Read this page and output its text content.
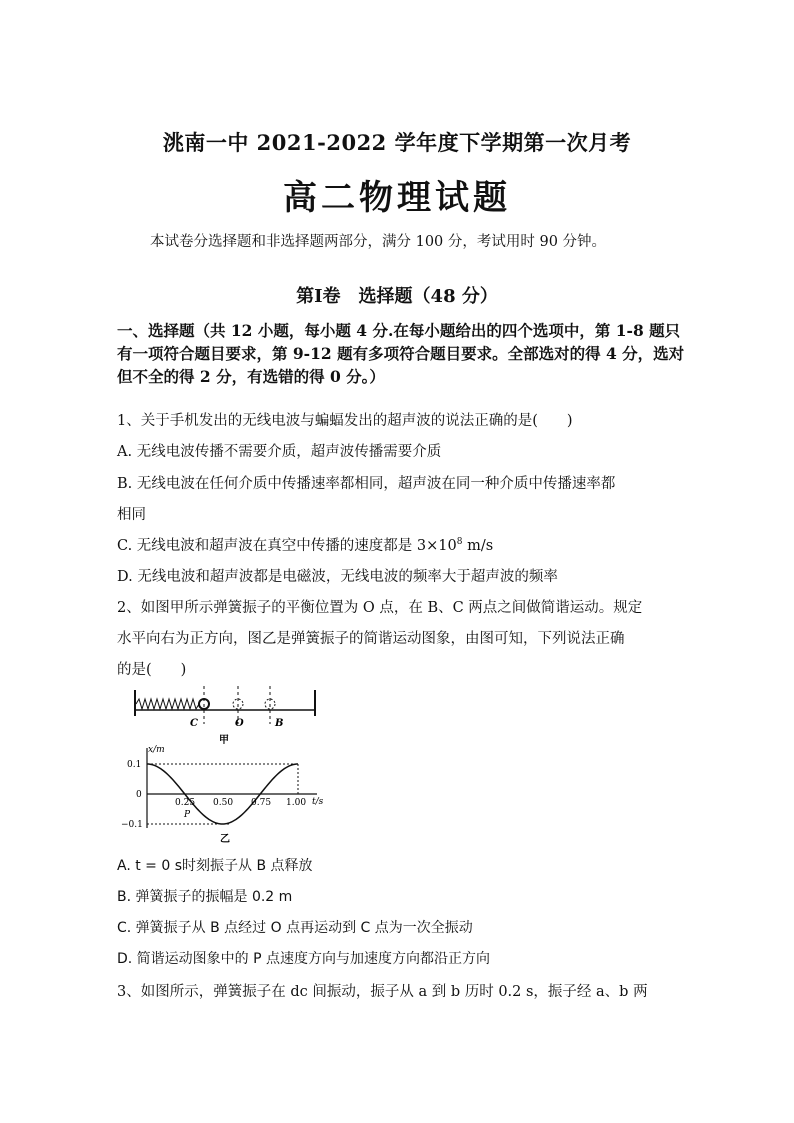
洮南一中 2021-2022 学年度下学期第一次月考
高二物理试题
本试卷分选择题和非选择题两部分，满分 100 分，考试用时 90 分钟。
第Ⅰ卷　选择题（48 分）
一、选择题（共 12 小题，每小题 4 分.在每小题给出的四个选项中，第 1-8 题只有一项符合题目要求，第 9-12 题有多项符合题目要求。全部选对的得 4 分，选对但不全的得 2 分，有选错的得 0 分。）
1、关于手机发出的无线电波与蝙蝠发出的超声波的说法正确的是(　　)
A. 无线电波传播不需要介质，超声波传播需要介质
B. 无线电波在任何介质中传播速率都相同，超声波在同一种介质中传播速率都
相同
C. 无线电波和超声波在真空中传播的速度都是 $3\times 10^8$ m/s
D. 无线电波和超声波都是电磁波，无线电波的频率大于超声波的频率
2、如图甲所示弹簧振子的平衡位置为 O 点，在 B、C 两点之间做简谐运动。规定
水平向右为正方向，图乙是弹簧振子的简谐运动图象，由图可知，下列说法正确
的是(　　)
C	O	B
甲
x/m
t/s
0.1
0
−0.1
0.25 0.50 0.75 1.00
P
乙
A. t = 0 s时刻振子从 B 点释放
B. 弹簧振子的振幅是 0.2 m
C. 弹簧振子从 B 点经过 O 点再运动到 C 点为一次全振动
D. 简谐运动图象中的 P 点速度方向与加速度方向都沿正方向
3、如图所示，弹簧振子在 dc 间振动，振子从 a 到 b 历时 0.2 s，振子经 a、b 两
